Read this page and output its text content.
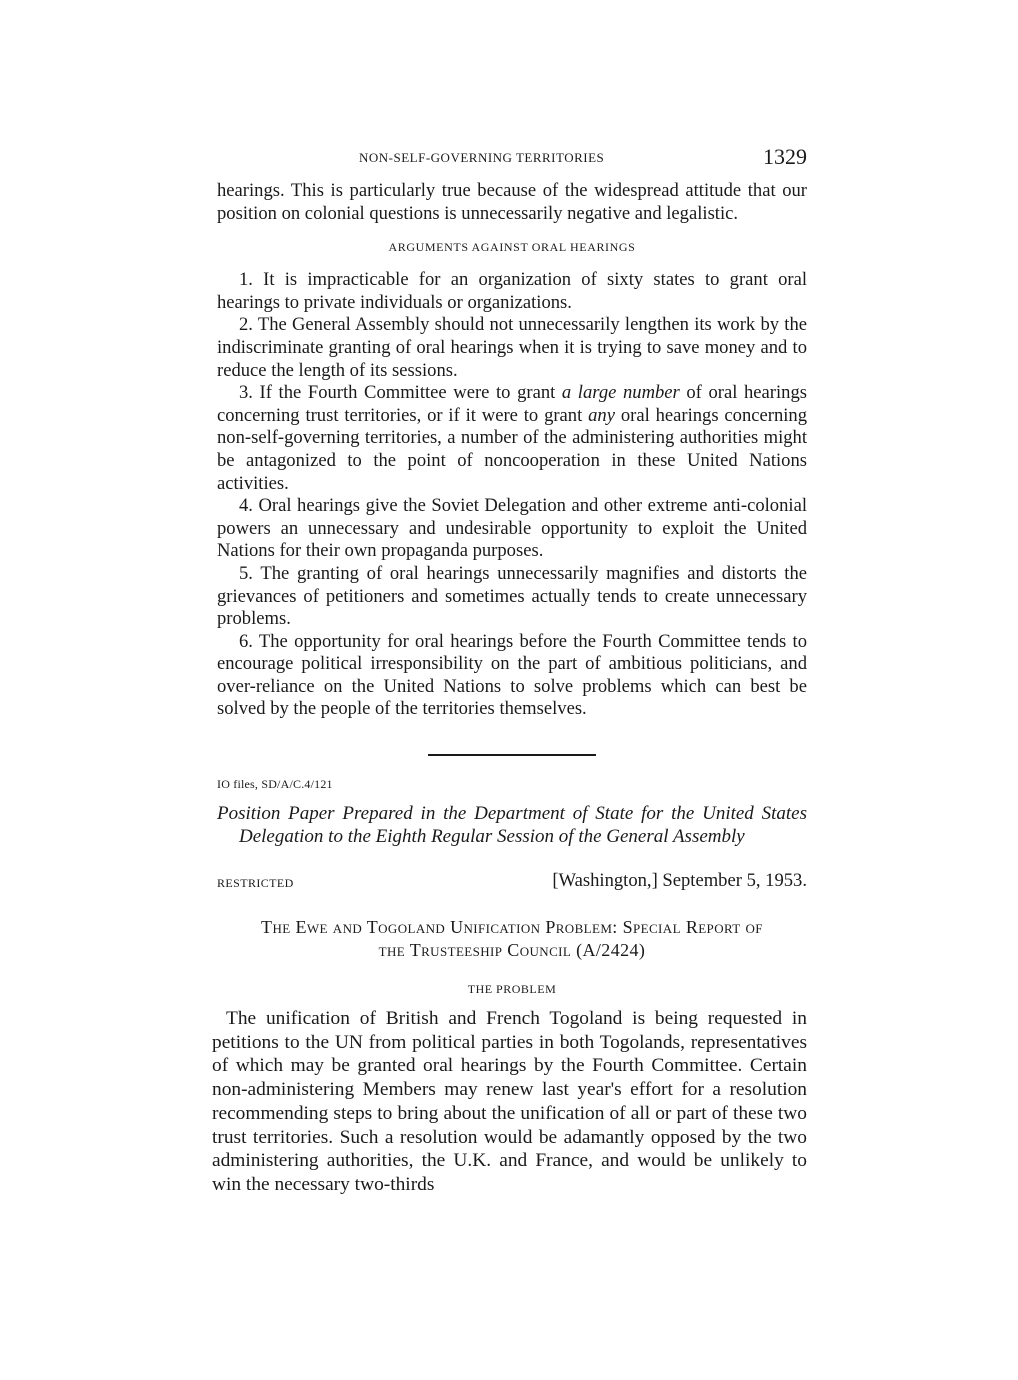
NON-SELF-GOVERNING TERRITORIES	1329

hearings. This is particularly true because of the widespread attitude that our position on colonial questions is unnecessarily negative and legalistic.

ARGUMENTS AGAINST ORAL HEARINGS

1. It is impracticable for an organization of sixty states to grant oral hearings to private individuals or organizations.

2. The General Assembly should not unnecessarily lengthen its work by the indiscriminate granting of oral hearings when it is trying to save money and to reduce the length of its sessions.

3. If the Fourth Committee were to grant a large number of oral hearings concerning trust territories, or if it were to grant any oral hearings concerning non-self-governing territories, a number of the administering authorities might be antagonized to the point of noncooperation in these United Nations activities.

4. Oral hearings give the Soviet Delegation and other extreme anti-colonial powers an unnecessary and undesirable opportunity to exploit the United Nations for their own propaganda purposes.

5. The granting of oral hearings unnecessarily magnifies and distorts the grievances of petitioners and sometimes actually tends to create unnecessary problems.

6. The opportunity for oral hearings before the Fourth Committee tends to encourage political irresponsibility on the part of ambitious politicians, and over-reliance on the United Nations to solve problems which can best be solved by the people of the territories themselves.

IO files, SD/A/C.4/121
Position Paper Prepared in the Department of State for the United States Delegation to the Eighth Regular Session of the General Assembly
RESTRICTED	[Washington,] September 5, 1953.
The Ewe and Togoland Unification Problem: Special Report of
the Trusteeship Council (A/2424)
THE PROBLEM

The unification of British and French Togoland is being requested in petitions to the UN from political parties in both Togolands, representatives of which may be granted oral hearings by the Fourth Committee. Certain non-administering Members may renew last year's effort for a resolution recommending steps to bring about the unification of all or part of these two trust territories. Such a resolution would be adamantly opposed by the two administering authorities, the U.K. and France, and would be unlikely to win the necessary two-thirds
